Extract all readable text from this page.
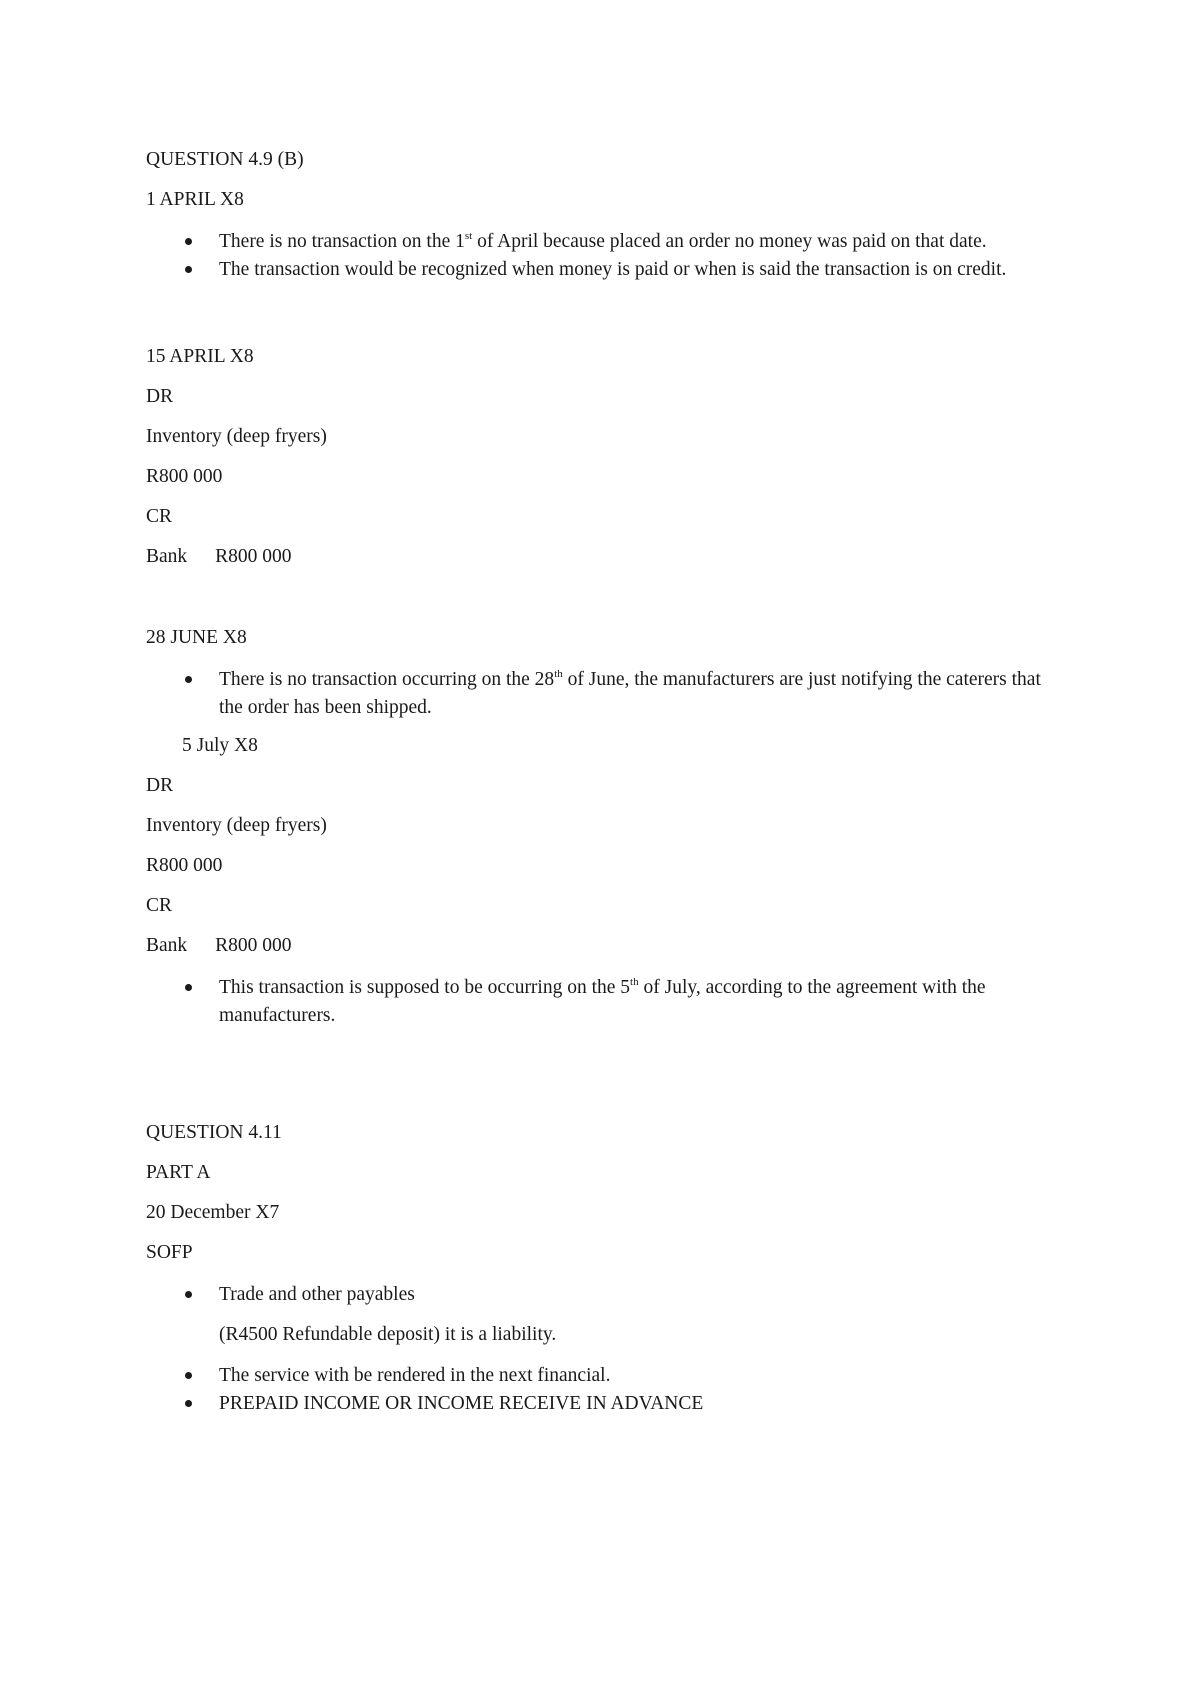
QUESTION 4.9 (B)
1 APRIL X8
There is no transaction on the 1st of April because placed an order no money was paid on that date.
The transaction would be recognized when money is paid or when is said the transaction is on credit.
15 APRIL X8
DR
Inventory (deep fryers)
R800 000
CR
Bank R800 000
28 JUNE X8
There is no transaction occurring on the 28th of June, the manufacturers are just notifying the caterers that the order has been shipped.
5 July X8
DR
Inventory (deep fryers)
R800 000
CR
Bank R800 000
This transaction is supposed to be occurring on the 5th of July, according to the agreement with the manufacturers.
QUESTION 4.11
PART A
20 December X7
SOFP
Trade and other payables
(R4500 Refundable deposit) it is a liability.
The service with be rendered in the next financial.
PREPAID INCOME OR INCOME RECEIVE IN ADVANCE
